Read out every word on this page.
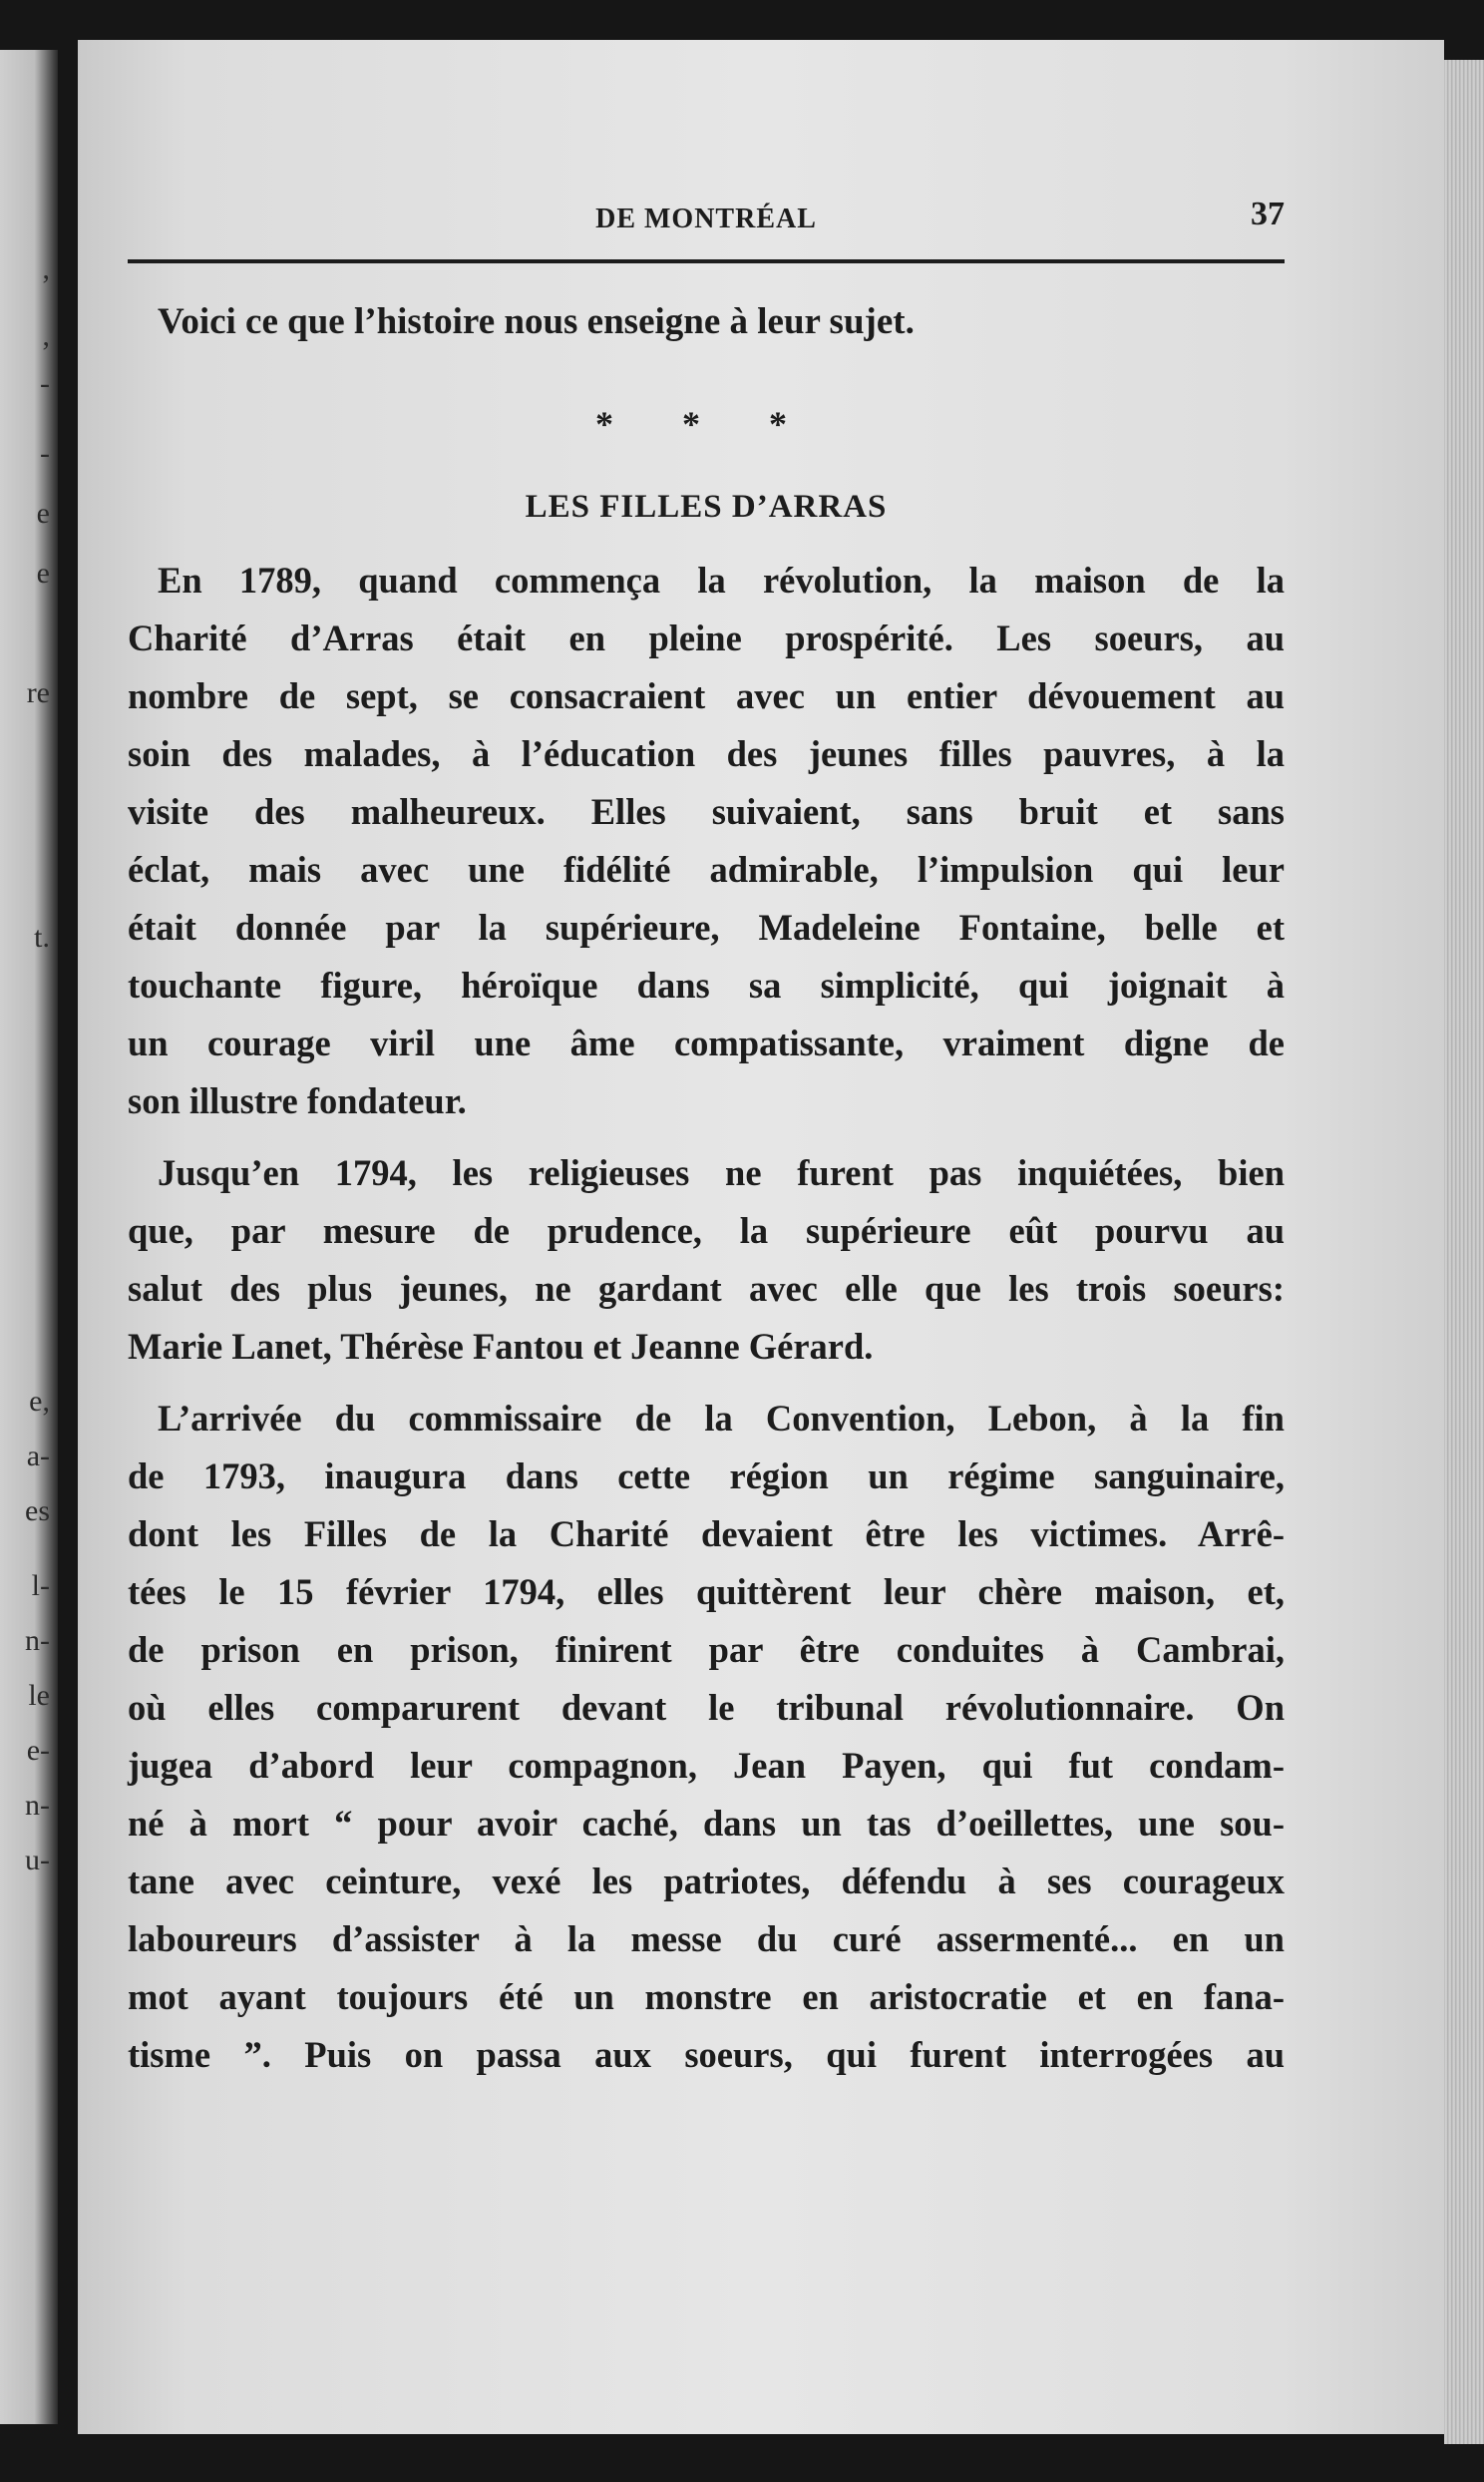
,
,
-
-
e
e
re
t.
e,
a-
es
l-
n-
le
e-
n-
u-
DE MONTRÉAL	37
Voici ce que l’histoire nous enseigne à leur sujet.
* * *
LES FILLES D’ARRAS

En 1789, quand commença la révolution, la maison de la
Charité d’Arras était en pleine prospérité. Les soeurs, au
nombre de sept, se consacraient avec un entier dévouement au
soin des malades, à l’éducation des jeunes filles pauvres, à la
visite des malheureux. Elles suivaient, sans bruit et sans
éclat, mais avec une fidélité admirable, l’impulsion qui leur
était donnée par la supérieure, Madeleine Fontaine, belle et
touchante figure, héroïque dans sa simplicité, qui joignait à
un courage viril une âme compatissante, vraiment digne de
son illustre fondateur.

Jusqu’en 1794, les religieuses ne furent pas inquiétées, bien
que, par mesure de prudence, la supérieure eût pourvu au
salut des plus jeunes, ne gardant avec elle que les trois soeurs:
Marie Lanet, Thérèse Fantou et Jeanne Gérard.

L’arrivée du commissaire de la Convention, Lebon, à la fin
de 1793, inaugura dans cette région un régime sanguinaire,
dont les Filles de la Charité devaient être les victimes. Arrê-
tées le 15 février 1794, elles quittèrent leur chère maison, et,
de prison en prison, finirent par être conduites à Cambrai,
où elles comparurent devant le tribunal révolutionnaire. On
jugea d’abord leur compagnon, Jean Payen, qui fut condam-
né à mort “ pour avoir caché, dans un tas d’oeillettes, une sou-
tane avec ceinture, vexé les patriotes, défendu à ses courageux
laboureurs d’assister à la messe du curé assermenté... en un
mot ayant toujours été un monstre en aristocratie et en fana-
tisme ”. Puis on passa aux soeurs, qui furent interrogées au
